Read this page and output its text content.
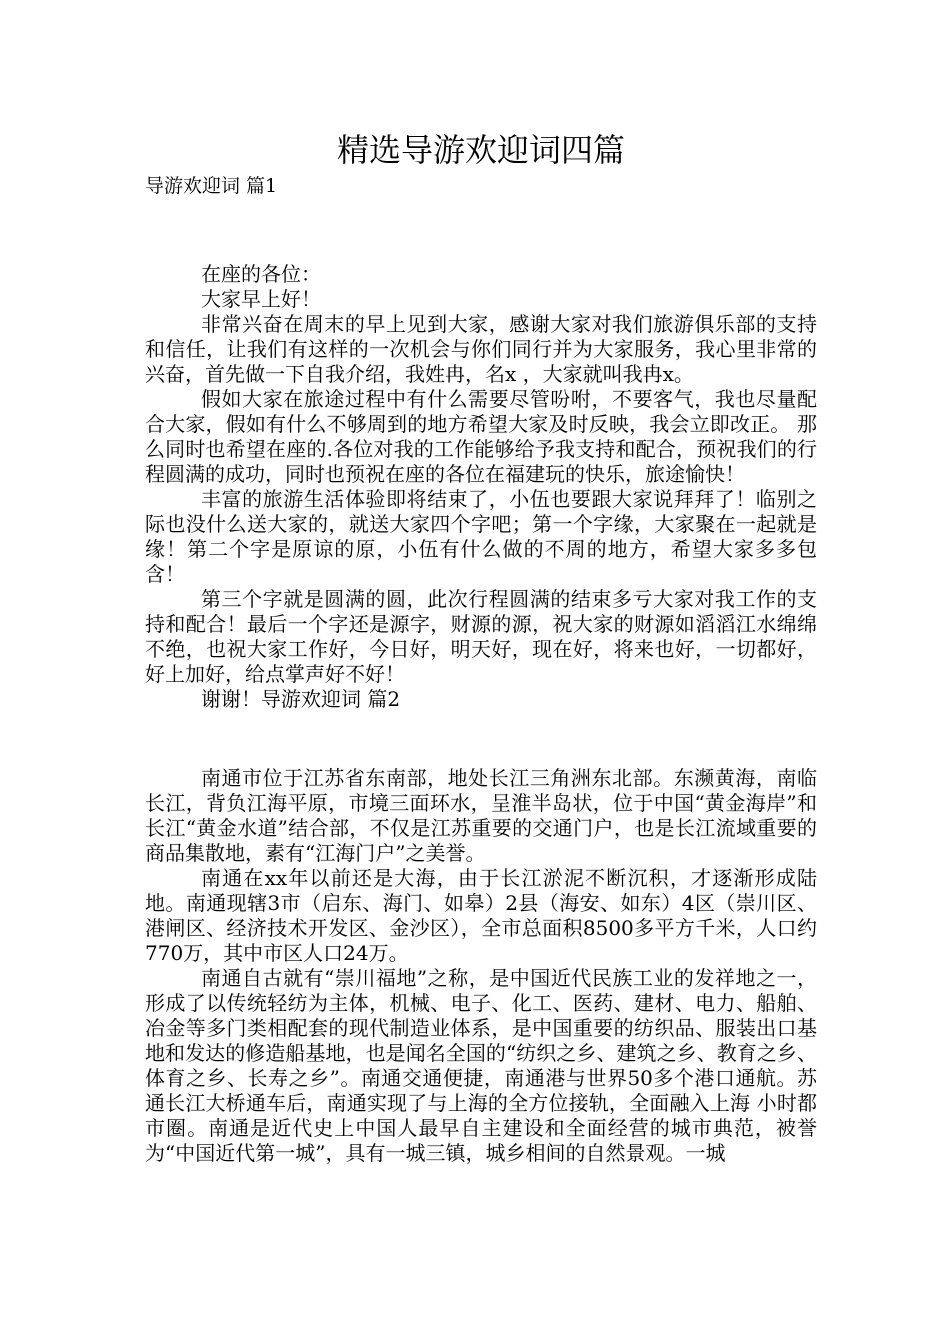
精选导游欢迎词四篇

导游欢迎词 篇1

在座的各位：

大家早上好！

非常兴奋在周末的早上见到大家，感谢大家对我们旅游俱乐部的支持和信任，让我们有这样的一次机会与你们同行并为大家服务，我心里非常的兴奋，首先做一下自我介绍，我姓冉，名x ，大家就叫我冉x。

假如大家在旅途过程中有什么需要尽管吩咐，不要客气，我也尽量配合大家，假如有什么不够周到的地方希望大家及时反映，我会立即改正。 那么同时也希望在座的.各位对我的工作能够给予我支持和配合，预祝我们的行程圆满的成功，同时也预祝在座的各位在福建玩的快乐，旅途愉快！

丰富的旅游生活体验即将结束了，小伍也要跟大家说拜拜了！临别之际也没什么送大家的，就送大家四个字吧；第一个字缘，大家聚在一起就是缘！第二个字是原谅的原，小伍有什么做的不周的地方，希望大家多多包含！

第三个字就是圆满的圆，此次行程圆满的结束多亏大家对我工作的支持和配合！最后一个字还是源字，财源的源，祝大家的财源如滔滔江水绵绵不绝，也祝大家工作好，今日好，明天好，现在好，将来也好，一切都好，好上加好，给点掌声好不好！

谢谢！导游欢迎词 篇2

南通市位于江苏省东南部，地处长江三角洲东北部。东濒黄海，南临长江，背负江海平原，市境三面环水，呈淮半岛状，位于中国“黄金海岸”和长江“黄金水道”结合部，不仅是江苏重要的交通门户，也是长江流域重要的商品集散地，素有“江海门户”之美誉。

南通在xx年以前还是大海，由于长江淤泥不断沉积，才逐渐形成陆地。南通现辖3市（启东、海门、如皋）2县（海安、如东）4区（崇川区、港闸区、经济技术开发区、金沙区），全市总面积8500多平方千米，人口约770万，其中市区人口24万。

南通自古就有“崇川福地”之称，是中国近代民族工业的发祥地之一，形成了以传统轻纺为主体，机械、电子、化工、医药、建材、电力、船舶、冶金等多门类相配套的现代制造业体系，是中国重要的纺织品、服装出口基地和发达的修造船基地，也是闻名全国的“纺织之乡、建筑之乡、教育之乡、体育之乡、长寿之乡”。南通交通便捷，南通港与世界50多个港口通航。苏通长江大桥通车后，南通实现了与上海的全方位接轨，全面融入上海 小时都市圈。南通是近代史上中国人最早自主建设和全面经营的城市典范，被誉为“中国近代第一城”，具有一城三镇，城乡相间的自然景观。一城
